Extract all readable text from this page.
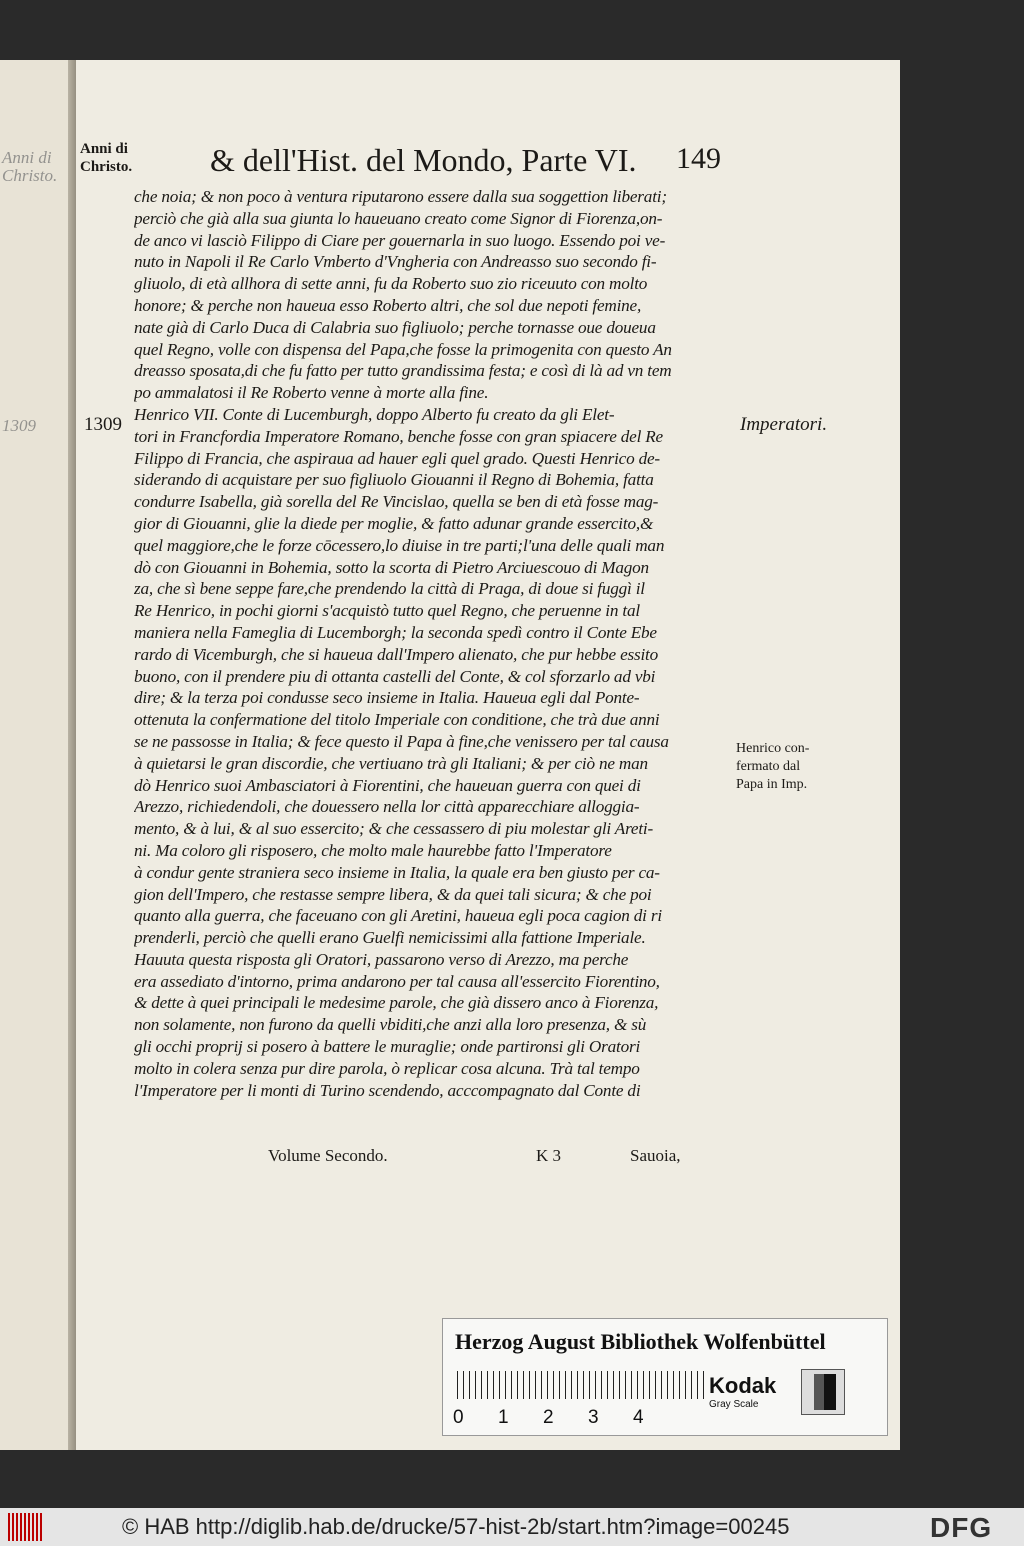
Anni di
Christo.
1309
Anni di
Christo. & dell'Hist. del Mondo, Parte VI.	149
1309	Imperatori.
Henrico con-
fermato dal
Papa in Imp.
che noia; & non poco à ventura riputarono essere dalla sua soggettion liberati;
perciò che già alla sua giunta lo haueuano creato come Signor di Fiorenza,on-
de anco vi lasciò Filippo di Ciare per gouernarla in suo luogo. Essendo poi ve-
nuto in Napoli il Re Carlo Vmberto d'Vngheria con Andreasso suo secondo fi-
gliuolo, di età allhora di sette anni, fu da Roberto suo zio riceuuto con molto
honore; & perche non haueua esso Roberto altri, che sol due nepoti femine,
nate già di Carlo Duca di Calabria suo figliuolo; perche tornasse oue doueua
quel Regno, volle con dispensa del Papa,che fosse la primogenita con questo An
dreasso sposata,di che fu fatto per tutto grandissima festa; e così di là ad vn tem
po ammalatosi il Re Roberto venne à morte alla fine.
Henrico VII. Conte di Lucemburgh, doppo Alberto fu creato da gli Elet-
tori in Francfordia Imperatore Romano, benche fosse con gran spiacere del Re
Filippo di Francia, che aspiraua ad hauer egli quel grado. Questi Henrico de-
siderando di acquistare per suo figliuolo Giouanni il Regno di Bohemia, fatta
condurre Isabella, già sorella del Re Vincislao, quella se ben di età fosse mag-
gior di Giouanni, glie la diede per moglie, & fatto adunar grande essercito,&
quel maggiore,che le forze cōcessero,lo diuise in tre parti;l'una delle quali man
dò con Giouanni in Bohemia, sotto la scorta di Pietro Arciuescouo di Magon
za, che sì bene seppe fare,che prendendo la città di Praga, di doue si fuggì il
Re Henrico, in pochi giorni s'acquistò tutto quel Regno, che peruenne in tal
maniera nella Fameglia di Lucemborgh; la seconda spedì contro il Conte Ebe
rardo di Vicemburgh, che si haueua dall'Impero alienato, che pur hebbe essito
buono, con il prendere piu di ottanta castelli del Conte, & col sforzarlo ad vbi
dire; & la terza poi condusse seco insieme in Italia. Haueua egli dal Ponte-
ottenuta la confermatione del titolo Imperiale con conditione, che trà due anni
se ne passosse in Italia; & fece questo il Papa à fine,che venissero per tal causa
à quietarsi le gran discordie, che vertiuano trà gli Italiani; & per ciò ne man
dò Henrico suoi Ambasciatori à Fiorentini, che haueuan guerra con quei di
Arezzo, richiedendoli, che douessero nella lor città apparecchiare alloggia-
mento, & à lui, & al suo essercito; & che cessassero di piu molestar gli Areti-
ni. Ma coloro gli risposero, che molto male haurebbe fatto l'Imperatore
à condur gente straniera seco insieme in Italia, la quale era ben giusto per ca-
gion dell'Impero, che restasse sempre libera, & da quei tali sicura; & che poi
quanto alla guerra, che faceuano con gli Aretini, haueua egli poca cagion di ri
prenderli, perciò che quelli erano Guelfi nemicissimi alla fattione Imperiale.
Hauuta questa risposta gli Oratori, passarono verso di Arezzo, ma perche
era assediato d'intorno, prima andarono per tal causa all'essercito Fiorentino,
& dette à quei principali le medesime parole, che già dissero anco à Fiorenza,
non solamente, non furono da quelli vbiditi,che anzi alla loro presenza, & sù
gli occhi proprij si posero à battere le muraglie; onde partironsi gli Oratori
molto in colera senza pur dire parola, ò replicar cosa alcuna. Trà tal tempo
l'Imperatore per li monti di Turino scendendo, acccompagnato dal Conte di
Volume Secondo.	K 3	Sauoia,
Herzog August Bibliothek Wolfenbüttel
0 1 2 3 4
Kodak
Gray Scale
© HAB http://diglib.hab.de/drucke/57-hist-2b/start.htm?image=00245	DFG
